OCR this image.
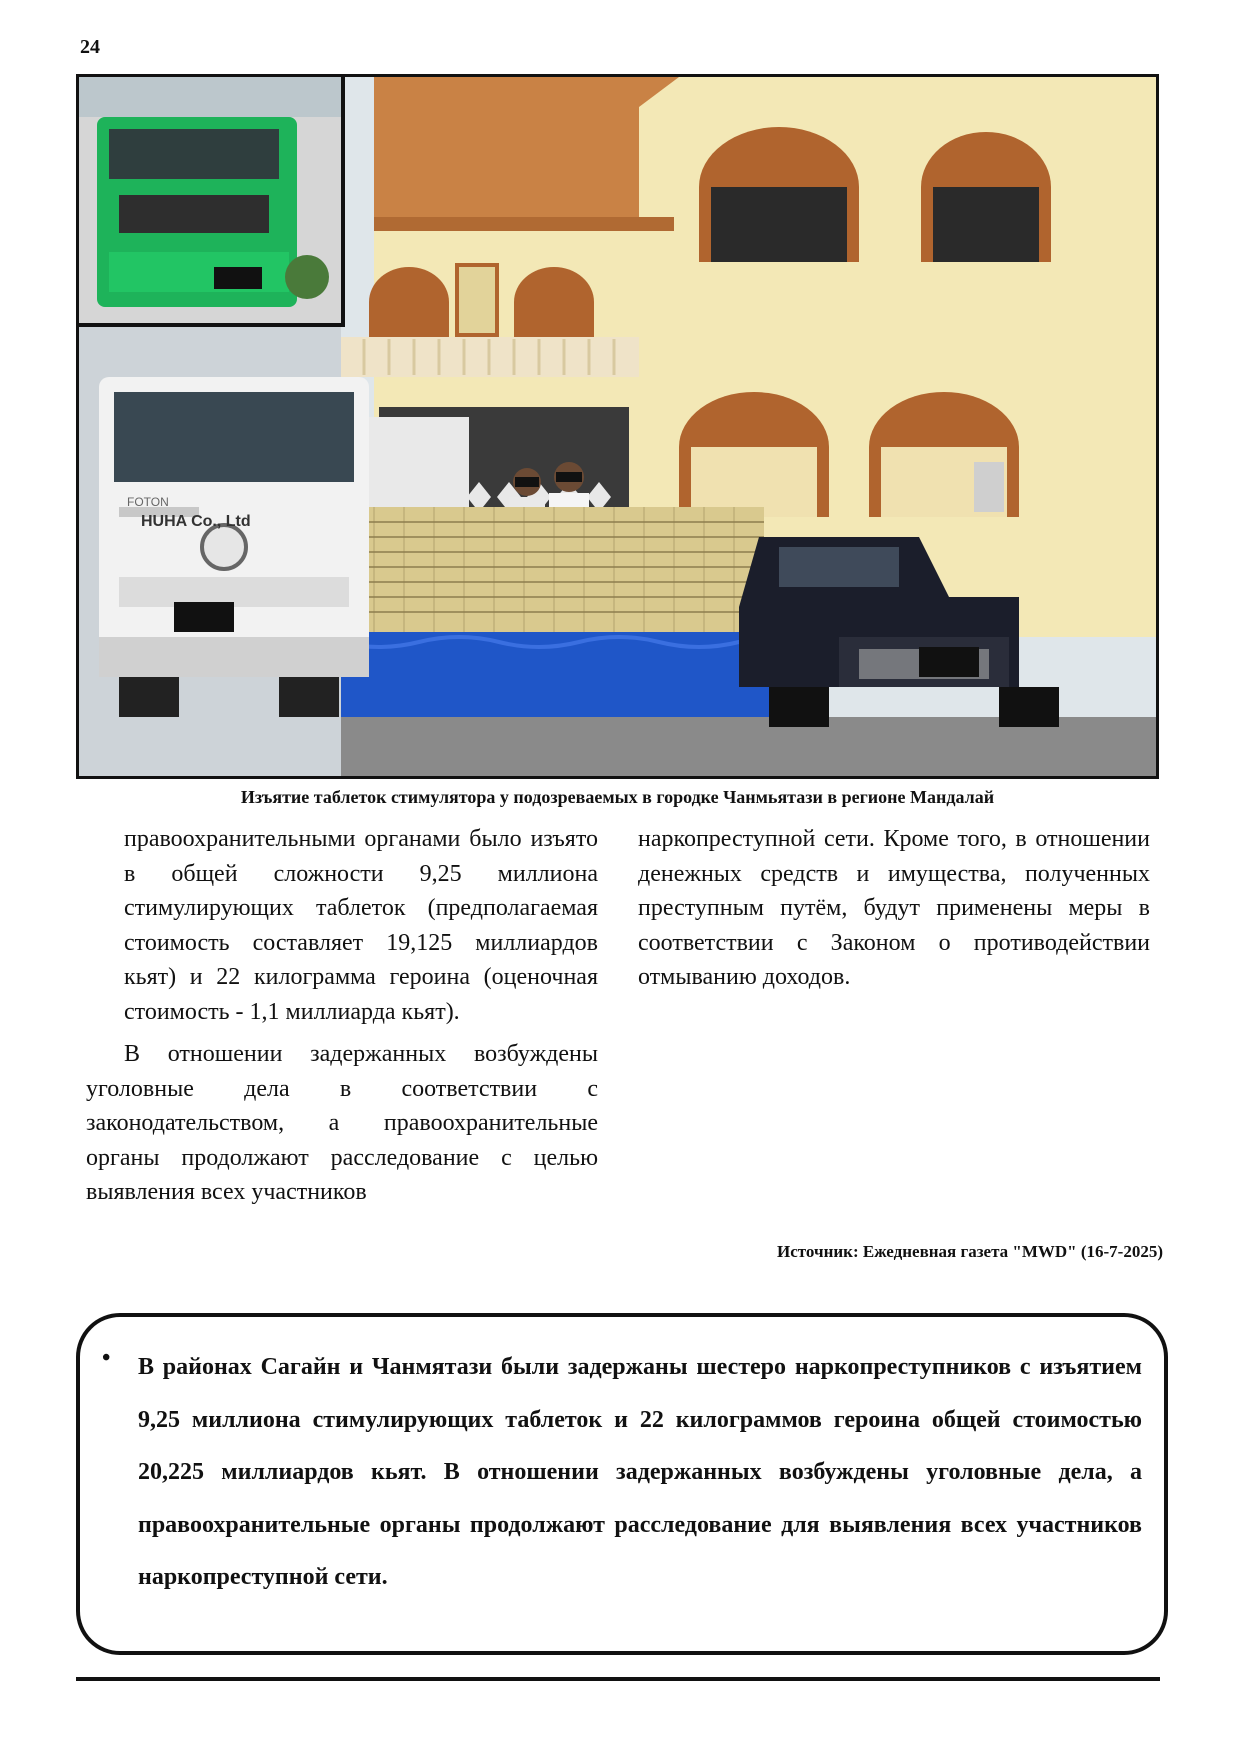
24
FOTON
HUHA Co., Ltd
Изъятие таблеток стимулятора у подозреваемых в городке Чанмьятази в регионе Мандалай

правоохранительными органами было изъято в общей сложности 9,25 миллиона стимулирующих таблеток (предполагаемая стоимость составляет 19,125 миллиардов кьят) и 22 килограмма героина (оценочная стоимость - 1,1 миллиарда кьят).

В отношении задержанных возбуждены уголовные дела в соответствии с законодательством, а правоохранительные органы продолжают расследование с целью выявления всех участников

наркопреступной сети. Кроме того, в отношении денежных средств и имущества, полученных преступным путём, будут применены меры в соответствии с Законом о противодействии отмыванию доходов.

Источник: Ежедневная газета "MWD" (16-7-2025)
• В районах Сагайн и Чанмятази были задержаны шестеро наркопреступников с изъятием 9,25 миллиона стимулирующих таблеток и 22 килограммов героина общей стоимостью 20,225 миллиардов кьят. В отношении задержанных возбуждены уголовные дела, а правоохранительные органы продолжают расследование для выявления всех участников наркопреступной сети.
